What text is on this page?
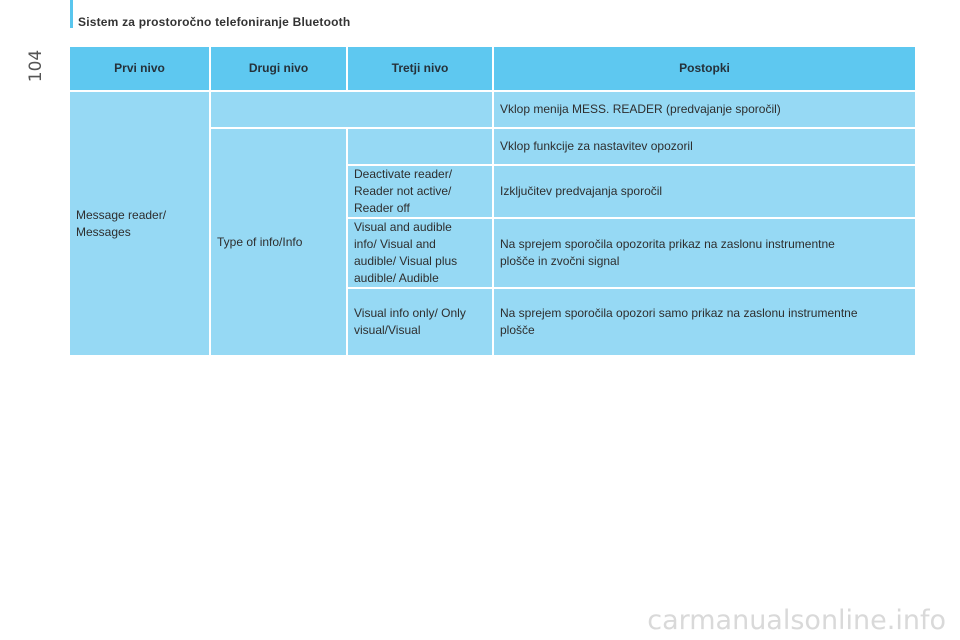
104
Sistem za prostoročno telefoniranje Bluetooth
Prvi nivo	Drugi nivo	Tretji nivo	Postopki
Message reader/
Messages			Vklop menija MESS. READER (predvajanje sporočil)
	Type of info/Info		Vklop funkcije za nastavitev opozoril
		Deactivate reader/
Reader not active/
Reader off	Izključitev predvajanja sporočil
		Visual and audible
info/ Visual and
audible/ Visual plus
audible/ Audible	Na sprejem sporočila opozorita prikaz na zaslonu instrumentne
plošče in zvočni signal
		Visual info only/ Only
visual/Visual	Na sprejem sporočila opozori samo prikaz na zaslonu instrumentne
plošče
carmanualsonline.info
